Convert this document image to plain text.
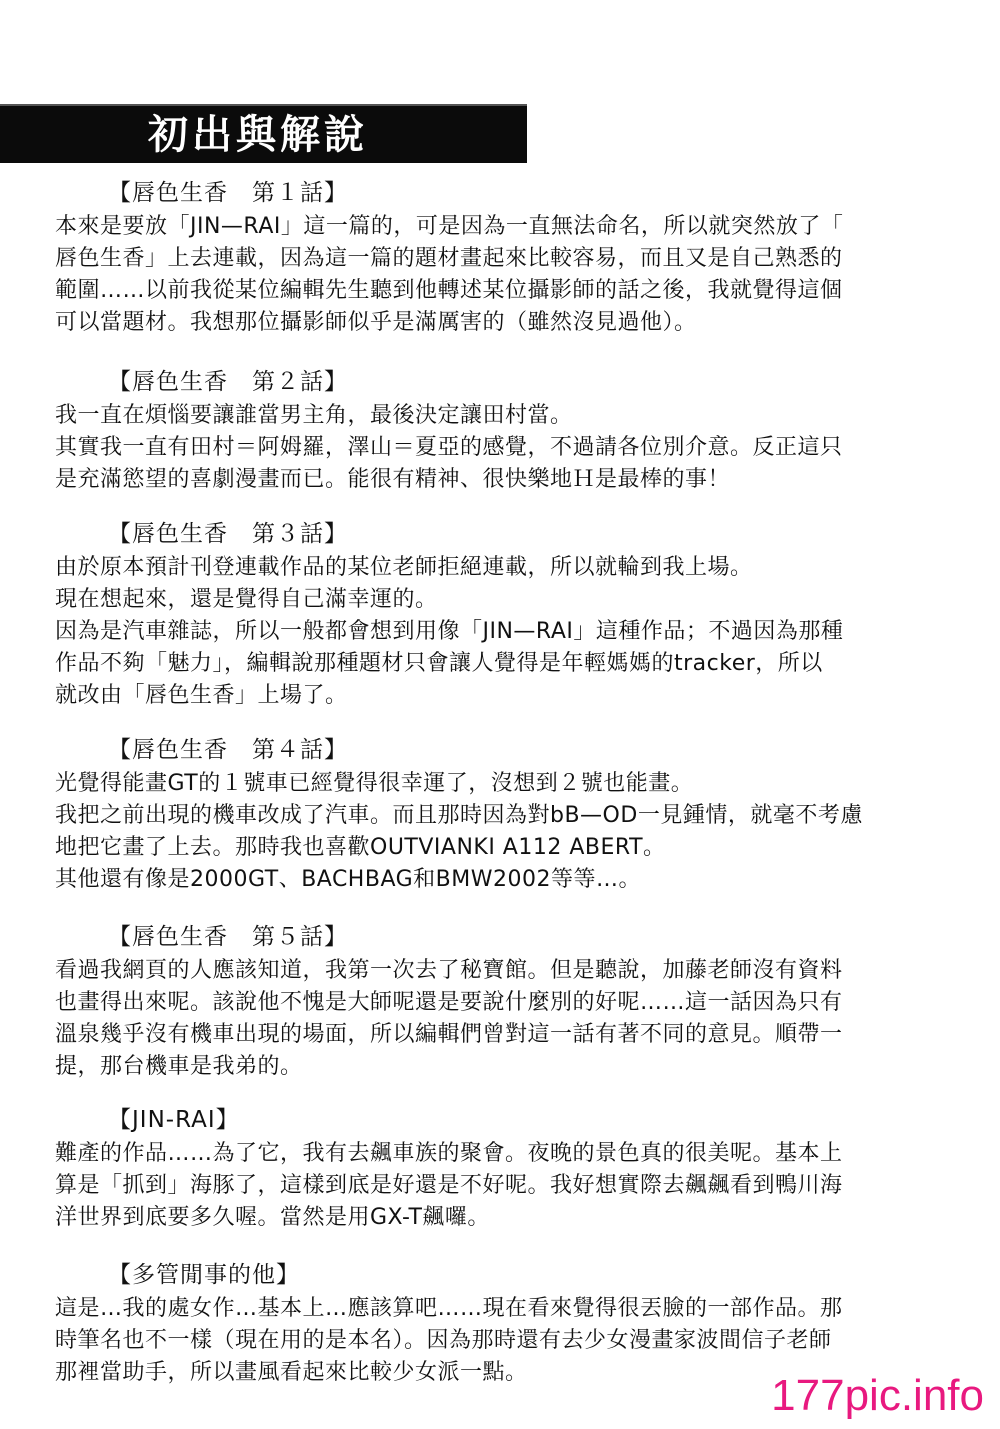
初出與解說
【唇色生香　第１話】
本來是要放「JIN—RAI」這一篇的，可是因為一直無法命名，所以就突然放了「
唇色生香」上去連載，因為這一篇的題材畫起來比較容易，而且又是自己熟悉的
範圍……以前我從某位編輯先生聽到他轉述某位攝影師的話之後，我就覺得這個
可以當題材。我想那位攝影師似乎是滿厲害的（雖然沒見過他）。
【唇色生香　第２話】
我一直在煩惱要讓誰當男主角，最後決定讓田村當。
其實我一直有田村＝阿姆羅，澤山＝夏亞的感覺，不過請各位別介意。反正這只
是充滿慾望的喜劇漫畫而已。能很有精神、很快樂地Ｈ是最棒的事！
【唇色生香　第３話】
由於原本預計刊登連載作品的某位老師拒絕連載，所以就輪到我上場。
現在想起來，還是覺得自己滿幸運的。
因為是汽車雜誌，所以一般都會想到用像「JIN—RAI」這種作品；不過因為那種
作品不夠「魅力」，編輯說那種題材只會讓人覺得是年輕媽媽的tracker，所以
就改由「唇色生香」上場了。
【唇色生香　第４話】
光覺得能畫GT的１號車已經覺得很幸運了，沒想到２號也能畫。
我把之前出現的機車改成了汽車。而且那時因為對bB—OD一見鍾情，就毫不考慮
地把它畫了上去。那時我也喜歡OUTVIANKI A112 ABERT。
其他還有像是2000GT、BACHBAG和BMW2002等等…。
【唇色生香　第５話】
看過我網頁的人應該知道，我第一次去了秘寶館。但是聽說，加藤老師沒有資料
也畫得出來呢。該說他不愧是大師呢還是要說什麼別的好呢……這一話因為只有
溫泉幾乎沒有機車出現的場面，所以編輯們曾對這一話有著不同的意見。順帶一
提，那台機車是我弟的。
【JIN-RAI】
難產的作品……為了它，我有去飆車族的聚會。夜晚的景色真的很美呢。基本上
算是「抓到」海豚了，這樣到底是好還是不好呢。我好想實際去飆飆看到鴨川海
洋世界到底要多久喔。當然是用GX-T飆囉。
【多管閒事的他】
這是…我的處女作…基本上…應該算吧……現在看來覺得很丟臉的一部作品。那
時筆名也不一樣（現在用的是本名）。因為那時還有去少女漫畫家波間信子老師
那裡當助手，所以畫風看起來比較少女派一點。	177pic.info
